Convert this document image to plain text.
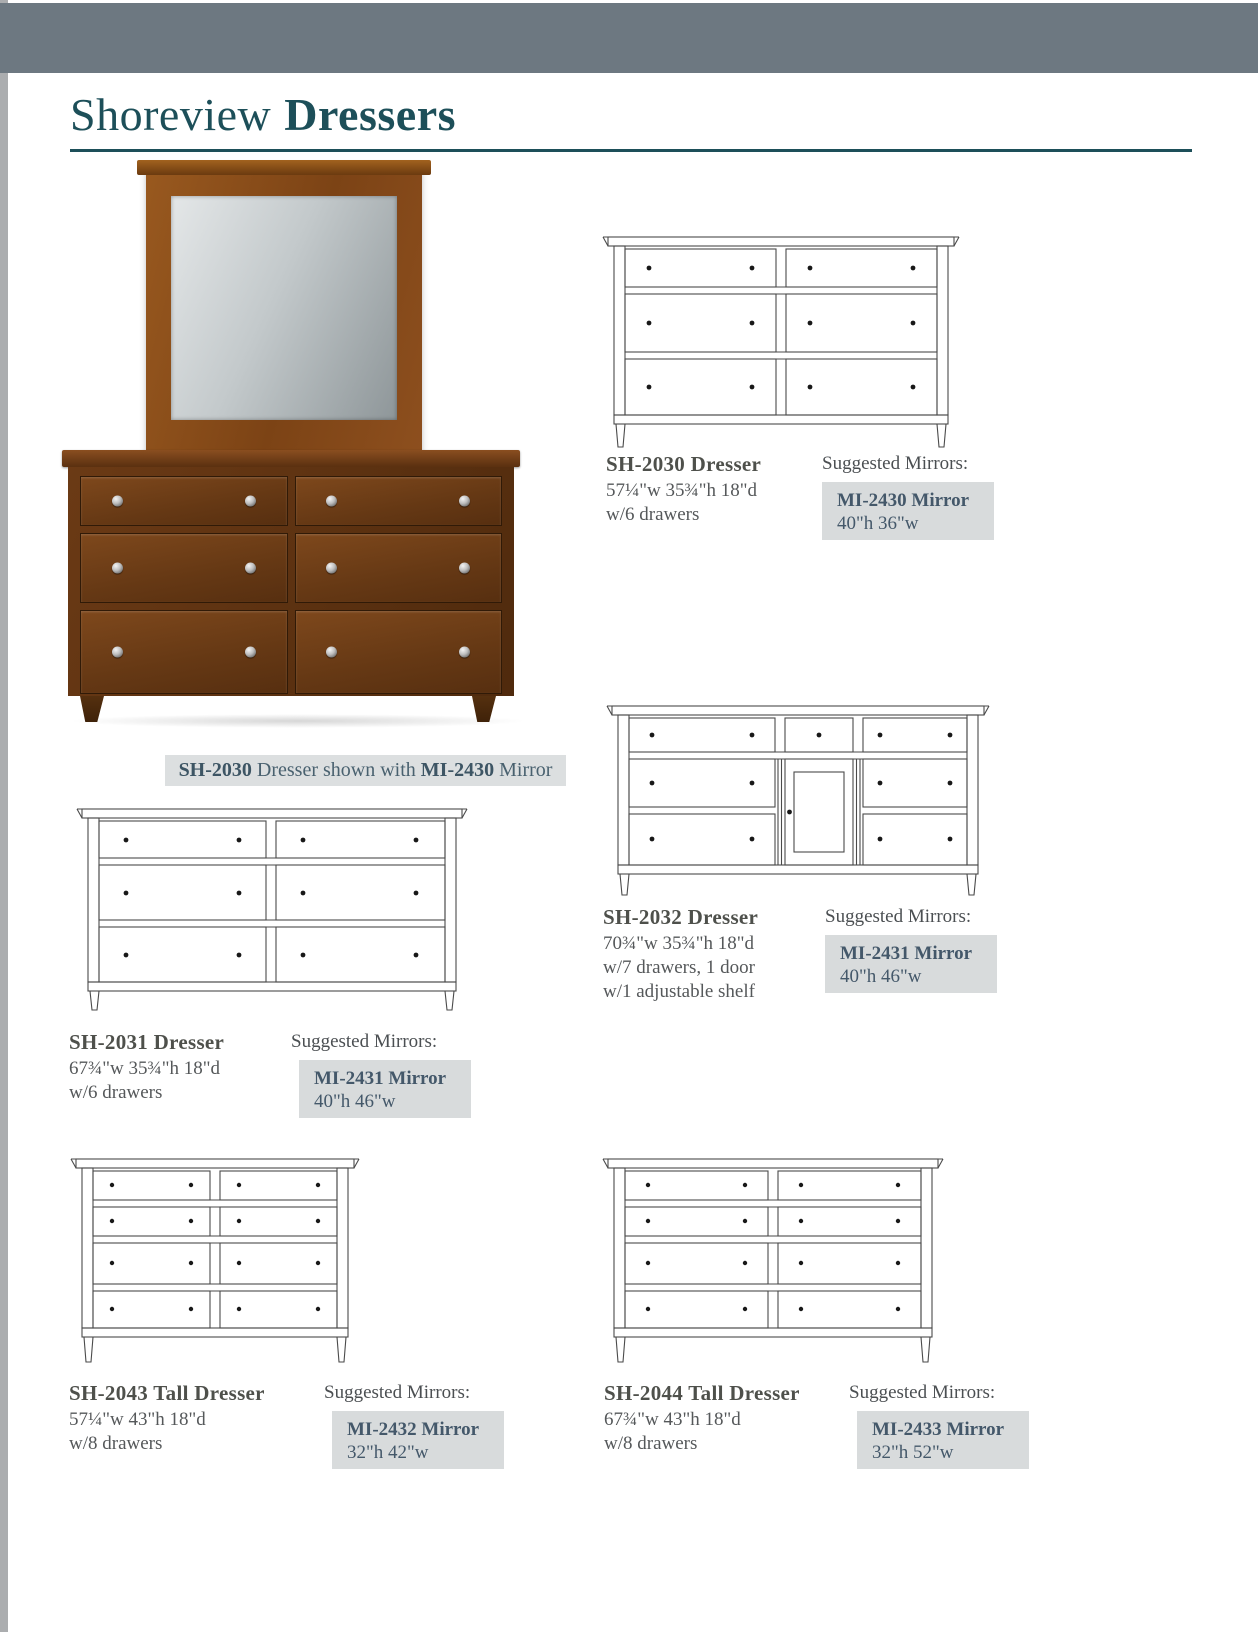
Shoreview Dressers
SH-2030 Dresser shown with MI-2430 Mirror
SH-2030 Dresser
57¼"w 35¾"h 18"d
w/6 drawers
Suggested Mirrors:
MI-2430 Mirror
40"h 36"w
SH-2032 Dresser
70¾"w 35¾"h 18"d
w/7 drawers, 1 door
w/1 adjustable shelf
Suggested Mirrors:
MI-2431 Mirror
40"h 46"w
SH-2031 Dresser
67¾"w 35¾"h 18"d
w/6 drawers
Suggested Mirrors:
MI-2431 Mirror
40"h 46"w
SH-2043 Tall Dresser
57¼"w 43"h 18"d
w/8 drawers
Suggested Mirrors:
MI-2432 Mirror
32"h 42"w
SH-2044 Tall Dresser
67¾"w 43"h 18"d
w/8 drawers
Suggested Mirrors:
MI-2433 Mirror
32"h 52"w
